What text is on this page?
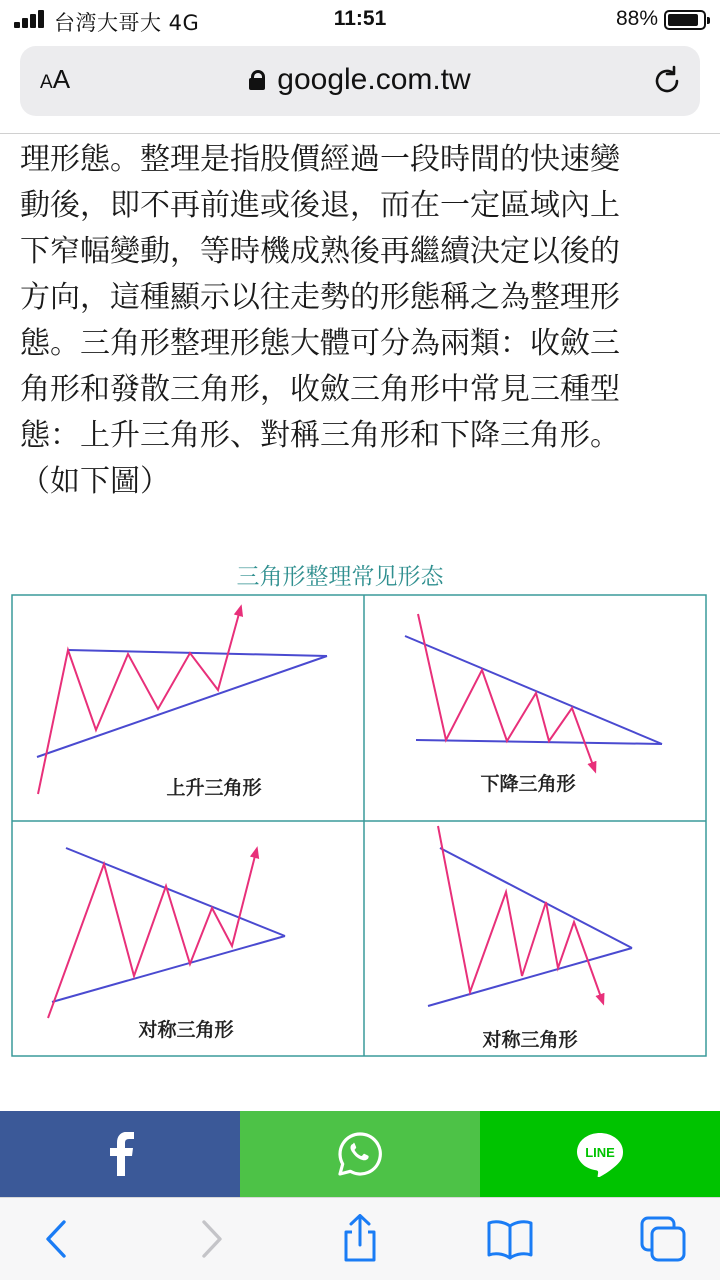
台湾大哥大 4G	11:51	88%
AA	google.com.tw

理形態。整理是指股價經過一段時間的快速變

動後，即不再前進或後退，而在一定區域內上

下窄幅變動，等時機成熟後再繼續決定以後的

方向，這種顯示以往走勢的形態稱之為整理形

態。三角形整理形態大體可分為兩類：收斂三

角形和發散三角形，收斂三角形中常見三種型

態：上升三角形、對稱三角形和下降三角形。

（如下圖）

三角形整理常见形态
上升三角形	下降三角形
对称三角形	对称三角形
LINE
